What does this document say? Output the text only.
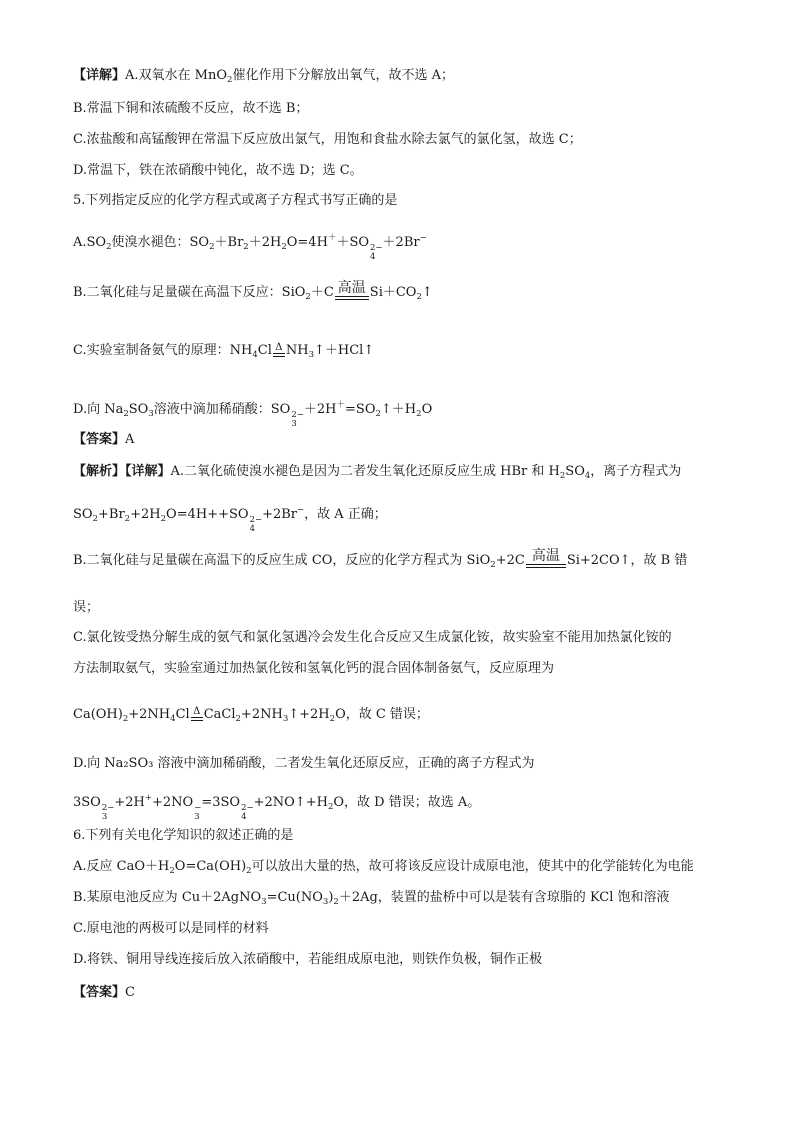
【详解】A.双氧水在 MnO$_2$催化作用下分解放出氧气，故不选 A；
B.常温下铜和浓硫酸不反应，故不选 B；
C.浓盐酸和高锰酸钾在常温下反应放出氯气，用饱和食盐水除去氯气的氯化氢，故选 C；
D.常温下，铁在浓硝酸中钝化，故不选 D；选 C。
5.下列指定反应的化学方程式或离子方程式书写正确的是
$A.SO_2$使溴水褪色：$SO_2+Br_2+2H_2O=4H^++SO$ 2−
4
＋2Br−
B.二氧化硅与足量碳在高温下反应：SiO$_2$＋C 高温 $Si+CO_2↑$
C.实验室制备氨气的原理：$NH_4Cl$ Δ $NH_3↑+HCl↑$
D.向 $Na_2SO_3$溶液中滴加稀硝酸：SO 2−
3
$+2H^+=SO_2↑+H_2O$
【答案】A
【解析】【详解】A.二氧化硫使溴水褪色是因为二者发生氧化还原反应生成 HBr 和 $H_2SO_4$，离子方程式为
$SO_2+Br_2+2H_2O=4H++SO$ 2−
4
+2Br−，故 A 正确；
B.二氧化硅与足量碳在高温下的反应生成 CO，反应的化学方程式为 SiO$_2$+2C 高温 Si+2CO↑，故 B 错
误；
C.氯化铵受热分解生成的氨气和氯化氢遇冷会发生化合反应又生成氯化铵，故实验室不能用加热氯化铵的
方法制取氨气，实验室通过加热氯化铵和氢氧化钙的混合固体制备氨气，反应原理为
$Ca(OH)_2+2NH_4Cl$ Δ $CaCl_2+2NH_3↑+2H_2O$，故 C 错误；
D.向 Na₂SO₃ 溶液中滴加稀硝酸，二者发生氧化还原反应，正确的离子方程式为
3SO 2−
3
+2H++2NO −
3
=3SO 2−
4
$+2NO↑+H_2O$，故 D 错误；故选 A。
6.下列有关电化学知识的叙述正确的是
A.反应 $CaO+H_2O=Ca(OH)_2$可以放出大量的热，故可将该反应设计成原电池，使其中的化学能转化为电能
B.某原电池反应为 $Cu+2AgNO_3=Cu(NO_3)_2+2Ag$，装置的盐桥中可以是装有含琼脂的 KCl 饱和溶液
C.原电池的两极可以是同样的材料
D.将铁、铜用导线连接后放入浓硝酸中，若能组成原电池，则铁作负极，铜作正极
【答案】C
